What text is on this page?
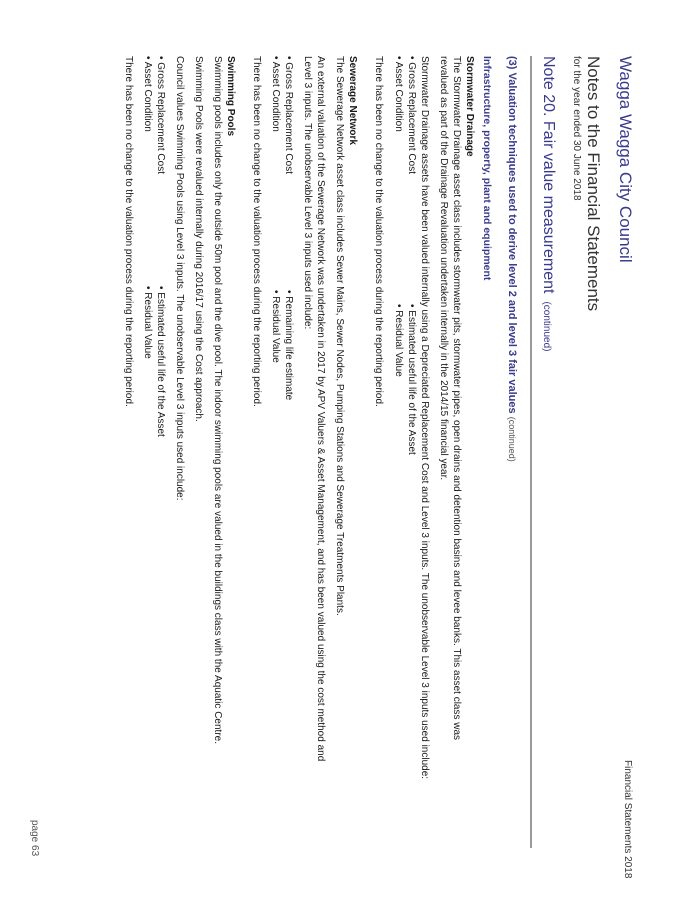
Wagga Wagga City Council
Financial Statements 2018
Notes to the Financial Statements
for the year ended 30 June 2018
Note 20. Fair value measurement(continued)
(3) Valuation techniques used to derive level 2 and level 3 fair values (continued)
Infrastructure, property, plant and equipment
Stormwater Drainage
The Stormwater Drainage asset class includes stormwater pits, stormwater pipes, open drains and detention basins and levee banks. This asset class was
revalued as part of the Drainage Revaluation undertaken internally in the 2014/15 financial year.
Stormwater Drainage assets have been valued internally using a Depreciated Replacement Cost and Level 3 inputs. The unobservable Level 3 inputs used include:
• Gross Replacement Cost
• Estimated useful life of the Asset
• Asset Condition
• Residual Value
There has been no change to the valuation process during the reporting period.
Sewerage Network
The Sewerage Network asset class includes Sewer Mains, Sewer Nodes, Pumping Stations and Sewerage Treatments Plants.
An external valuation of the Sewerage Network was undertaken in 2017 by APV Valuers & Asset Management, and has been valued using the cost method and
Level 3 inputs. The unobservable Level 3 inputs used include:
• Gross Replacement Cost
• Remaining life estimate
• Asset Condition
• Residual Value
There has been no change to the valuation process during the reporting period.
Swimming Pools
Swimming pools includes only the outside 50m pool and the dive pool. The indoor swimming pools are valued in the buildings class with the Aquatic Centre.
Swimming Pools were revalued internally during 2016/17 using the Cost approach.
Council values Swimming Pools using Level 3 inputs. The unobservable Level 3 inputs used include:
• Gross Replacement Cost
• Estimated useful life of the Asset
• Asset Condition
• Residual Value
There has been no change to the valuation process during the reporting period.
page 63
